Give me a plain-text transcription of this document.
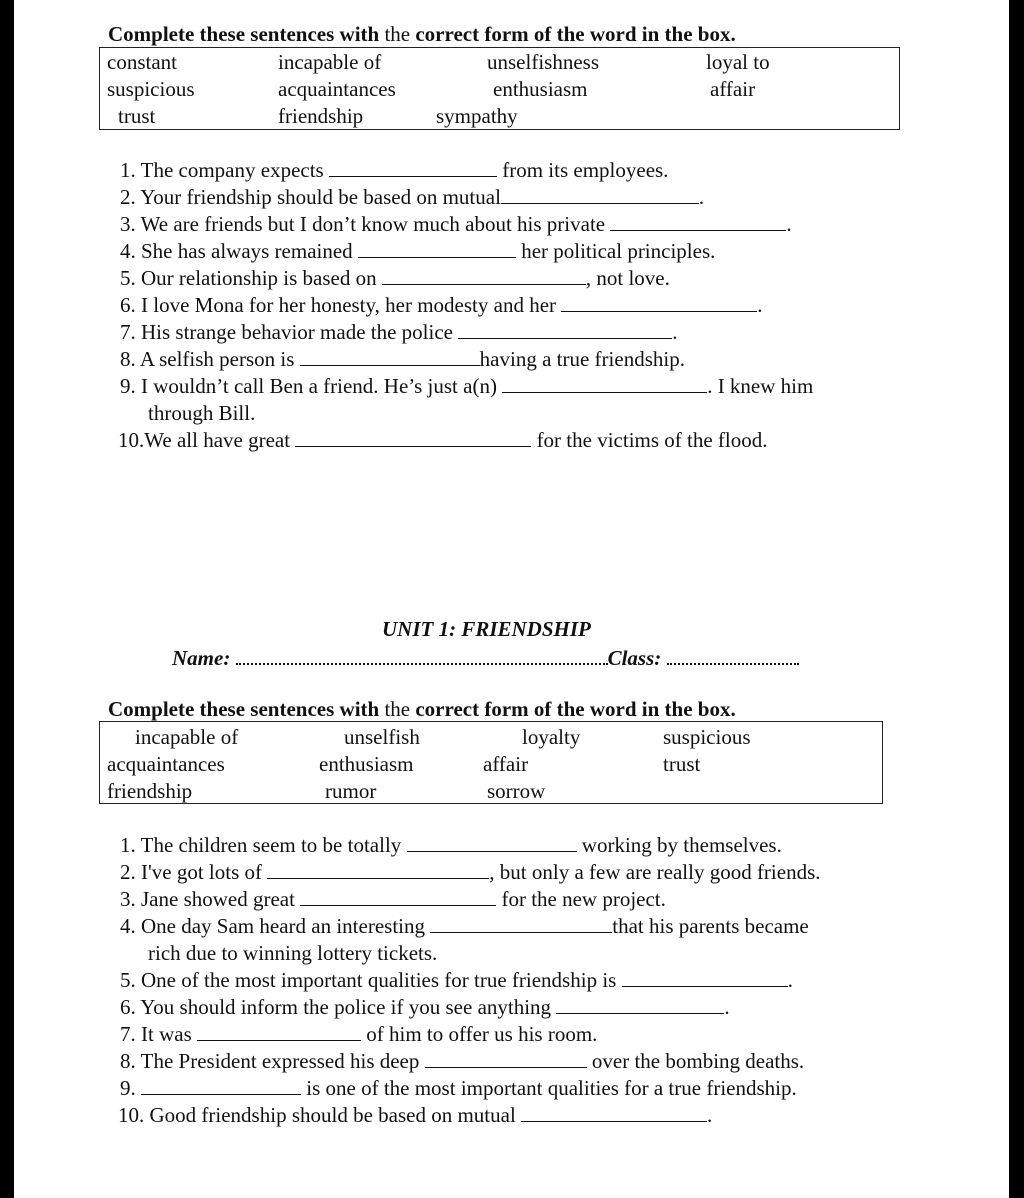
Complete these sentences with the correct form of the word in the box.
constant	incapable of	unselfishness	loyal to
suspicious	acquaintances	enthusiasm	affair
trust	friendship	sympathy
1. The company expects	from its employees.
2. Your friendship should be based on mutual	.
3. We are friends but I don’t know much about his private	.
4. She has always remained	her political principles.
5. Our relationship is based on	, not love.
6. I love Mona for her honesty, her modesty and her	.
7. His strange behavior made the police	.
8. A selfish person is	having a true friendship.
9. I wouldn’t call Ben a friend. He’s just a(n)	. I knew him
through Bill.
10.We all have great	for the victims of the flood.
UNIT 1: FRIENDSHIP
Name:	Class:
Complete these sentences with the correct form of the word in the box.
incapable of	unselfish	loyalty	suspicious
acquaintances	enthusiasm	affair	trust
friendship	rumor	sorrow
1. The children seem to be totally	working by themselves.
2. I've got lots of	, but only a few are really good friends.
3. Jane showed great	for the new project.
4. One day Sam heard an interesting	that his parents became
rich due to winning lottery tickets.
5. One of the most important qualities for true friendship is	.
6. You should inform the police if you see anything	.
7. It was	of him to offer us his room.
8. The President expressed his deep	over the bombing deaths.
9.	is one of the most important qualities for a true friendship.
10. Good friendship should be based on mutual	.
